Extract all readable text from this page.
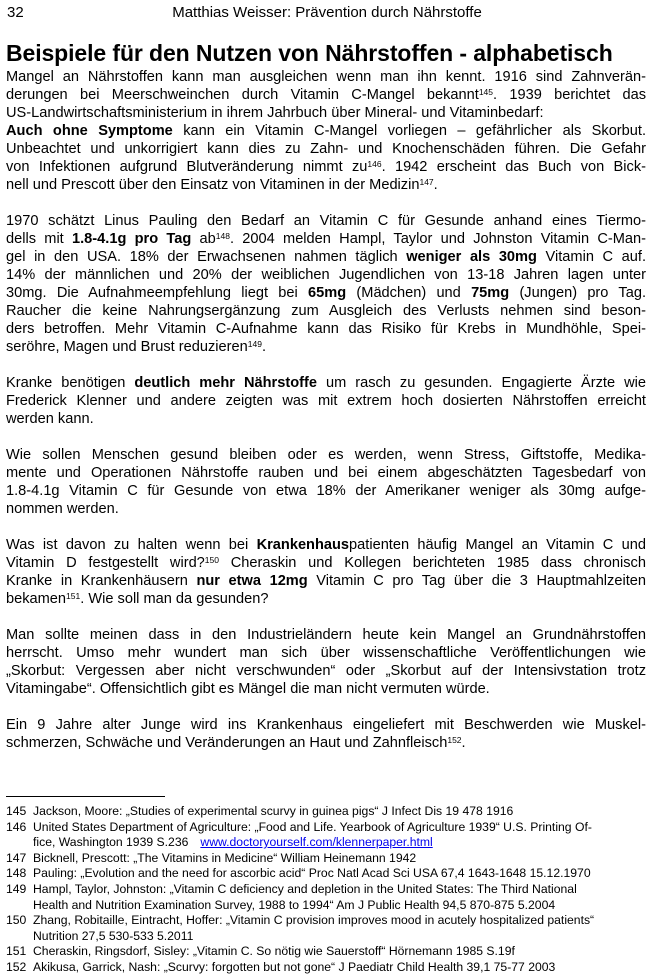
32	Matthias Weisser: Prävention durch Nährstoffe
Beispiele für den Nutzen von Nährstoffen - alphabetisch
Mangel an Nährstoffen kann man ausgleichen wenn man ihn kennt. 1916 sind Zahnverän-
derungen bei Meerschweinchen durch Vitamin C-Mangel bekannt$^{145}$. 1939 berichtet das
US-Landwirtschaftsministerium in ihrem Jahrbuch über Mineral- und Vitaminbedarf:
Auch ohne Symptome kann ein Vitamin C-Mangel vorliegen – gefährlicher als Skorbut.
Unbeachtet und unkorrigiert kann dies zu Zahn- und Knochenschäden führen. Die Gefahr
von Infektionen aufgrund Blutveränderung nimmt $zu^{146}$. 1942 erscheint das Buch von Bick-
nell und Prescott über den Einsatz von Vitaminen in der Medizin$^{147}$.
1970 schätzt Linus Pauling den Bedarf an Vitamin C für Gesunde anhand eines Tiermo-
dells mit 1.8-4.1g pro Tag $ab^{148}$. 2004 melden Hampl, Taylor und Johnston Vitamin C-Man-
gel in den USA. 18% der Erwachsenen nahmen täglich weniger als 30mg Vitamin C auf.
14% der männlichen und 20% der weiblichen Jugendlichen von 13-18 Jahren lagen unter
30mg. Die Aufnahmeempfehlung liegt bei 65mg (Mädchen) und 75mg (Jungen) pro Tag.
Raucher die keine Nahrungsergänzung zum Ausgleich des Verlusts nehmen sind beson-
ders betroffen. Mehr Vitamin C-Aufnahme kann das Risiko für Krebs in Mundhöhle, Spei-
seröhre, Magen und Brust reduzieren$^{149}$.
Kranke benötigen deutlich mehr Nährstoffe um rasch zu gesunden. Engagierte Ärzte wie
Frederick Klenner und andere zeigten was mit extrem hoch dosierten Nährstoffen erreicht
werden kann.
Wie sollen Menschen gesund bleiben oder es werden, wenn Stress, Giftstoffe, Medika-
mente und Operationen Nährstoffe rauben und bei einem abgeschätzten Tagesbedarf von
1.8-4.1g Vitamin C für Gesunde von etwa 18% der Amerikaner weniger als 30mg aufge-
nommen werden.
Was ist davon zu halten wenn bei Krankenhauspatienten häufig Mangel an Vitamin C und
Vitamin D festgestellt wird?$^{150}$ Cheraskin und Kollegen berichteten 1985 dass chronisch
Kranke in Krankenhäusern nur etwa 12mg Vitamin C pro Tag über die 3 Hauptmahlzeiten
bekamen$^{151}$. Wie soll man da gesunden?
Man sollte meinen dass in den Industrieländern heute kein Mangel an Grundnährstoffen
herrscht. Umso mehr wundert man sich über wissenschaftliche Veröffentlichungen wie
„Skorbut: Vergessen aber nicht verschwunden“ oder „Skorbut auf der Intensivstation trotz
Vitamingabe“. Offensichtlich gibt es Mängel die man nicht vermuten würde.
Ein 9 Jahre alter Junge wird ins Krankenhaus eingeliefert mit Beschwerden wie Muskel-
schmerzen, Schwäche und Veränderungen an Haut und Zahnfleisch$^{152}$.
145 Jackson, Moore: „Studies of experimental scurvy in guinea pigs“ J Infect Dis 19 478 1916
146 United States Department of Agriculture: „Food and Life. Yearbook of Agriculture 1939“ U.S. Printing Of-
fice, Washington 1939 S.236 www.doctoryourself.com/klennerpaper.html
147 Bicknell, Prescott: „The Vitamins in Medicine“ William Heinemann 1942
148 Pauling: „Evolution and the need for ascorbic acid“ Proc Natl Acad Sci USA 67,4 1643-1648 15.12.1970
149 Hampl, Taylor, Johnston: „Vitamin C deficiency and depletion in the United States: The Third National
Health and Nutrition Examination Survey, 1988 to 1994“ Am J Public Health 94,5 870-875 5.2004
150 Zhang, Robitaille, Eintracht, Hoffer: „Vitamin C provision improves mood in acutely hospitalized patients“
Nutrition 27,5 530-533 5.2011
151 Cheraskin, Ringsdorf, Sisley: „Vitamin C. So nötig wie Sauerstoff“ Hörnemann 1985 S.19f
152 Akikusa, Garrick, Nash: „Scurvy: forgotten but not gone“ J Paediatr Child Health 39,1 75-77 2003
